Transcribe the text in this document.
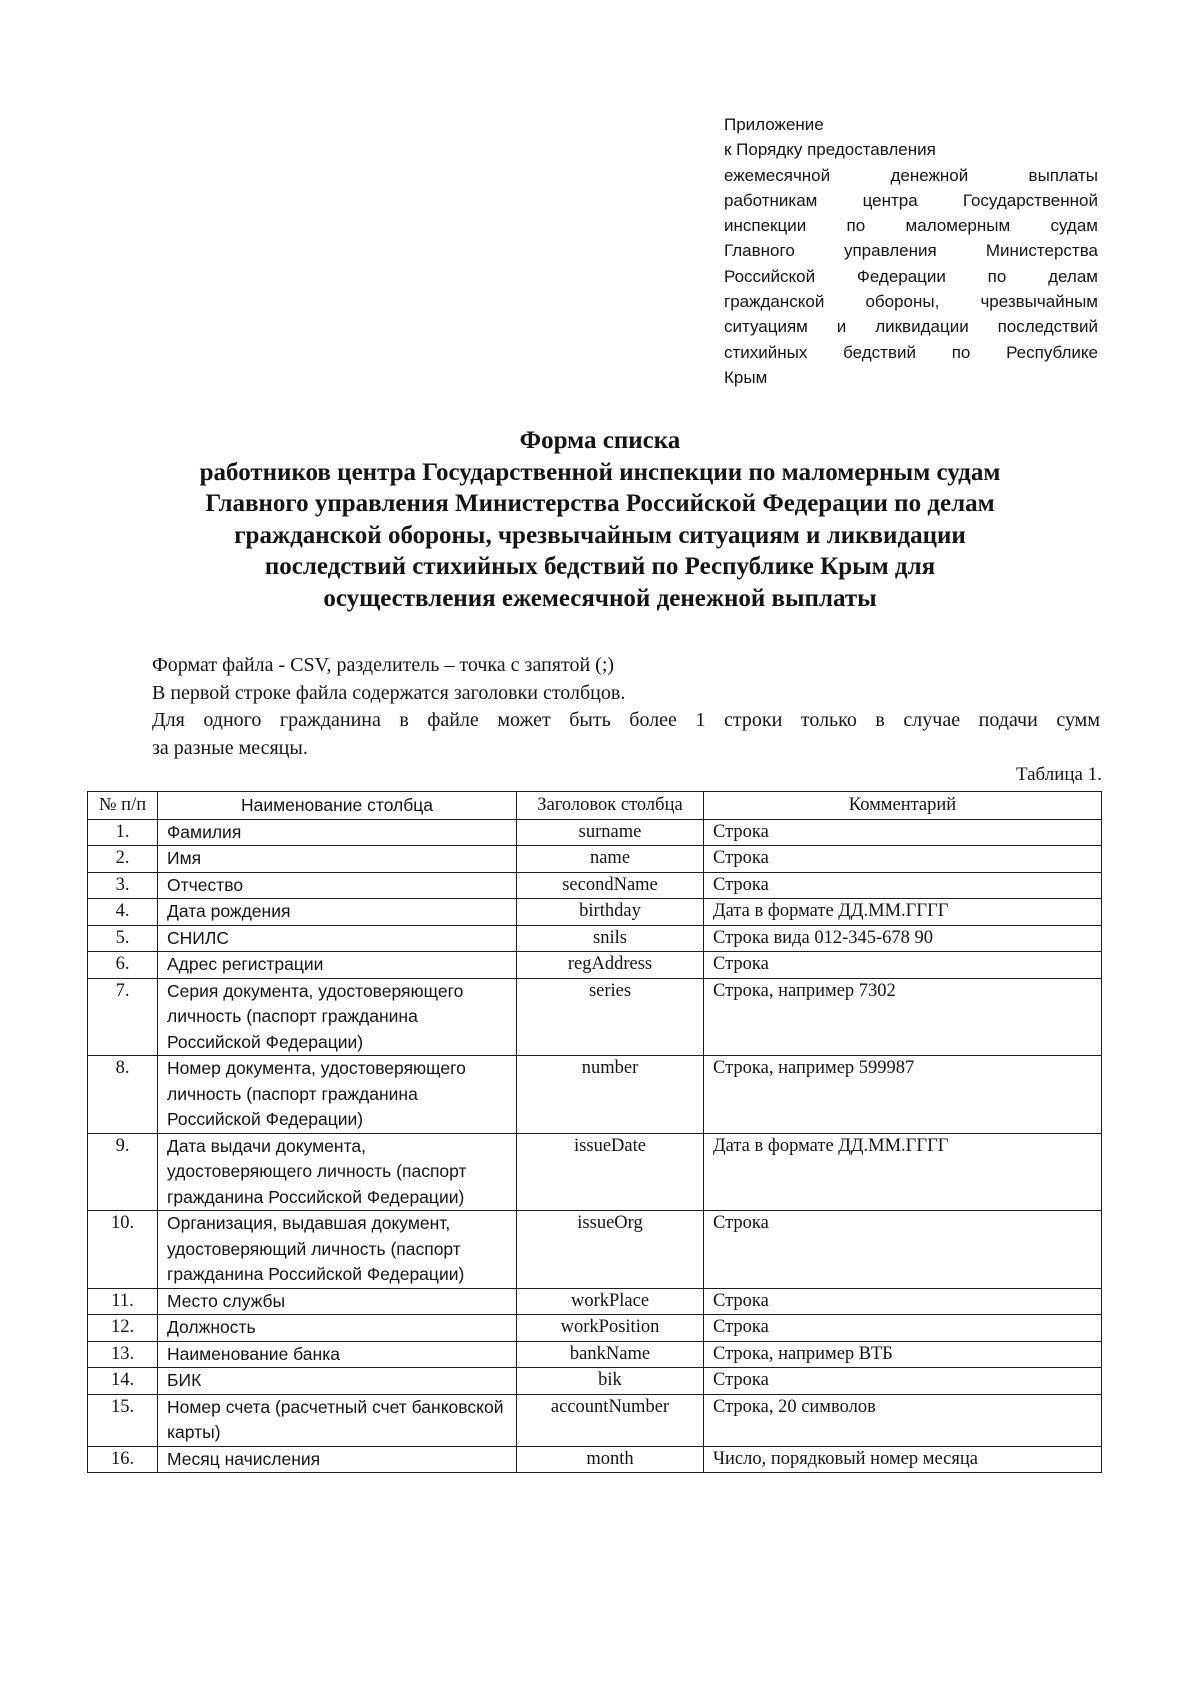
Приложение
к Порядку предоставления
ежемесячной денежной выплаты
работникам центра Государственной
инспекции по маломерным судам
Главного управления Министерства
Российской Федерации по делам
гражданской обороны, чрезвычайным
ситуациям и ликвидации последствий
стихийных бедствий по Республике
Крым
Форма списка
работников центра Государственной инспекции по маломерным судам
Главного управления Министерства Российской Федерации по делам
гражданской обороны, чрезвычайным ситуациям и ликвидации
последствий стихийных бедствий по Республике Крым для
осуществления ежемесячной денежной выплаты
Формат файла - CSV, разделитель – точка с запятой (;)
В первой строке файла содержатся заголовки столбцов.
Для одного гражданина в файле может быть более 1 строки только в случае подачи сумм
за разные месяцы.
Таблица 1.
№ п/п	Наименование столбца	Заголовок столбца	Комментарий
1.	Фамилия	surname	Строка
2.	Имя	name	Строка
3.	Отчество	secondName	Строка
4.	Дата рождения	birthday	Дата в формате ДД.ММ.ГГГГ
5.	СНИЛС	snils	Строка вида 012-345-678 90
6.	Адрес регистрации	regAddress	Строка
7.	Серия документа, удостоверяющего личность (паспорт гражданина Российской Федерации)	series	Строка, например 7302
8.	Номер документа, удостоверяющего личность (паспорт гражданина Российской Федерации)	number	Строка, например 599987
9.	Дата выдачи документа, удостоверяющего личность (паспорт гражданина Российской Федерации)	issueDate	Дата в формате ДД.ММ.ГГГГ
10.	Организация, выдавшая документ, удостоверяющий личность (паспорт гражданина Российской Федерации)	issueOrg	Строка
11.	Место службы	workPlace	Строка
12.	Должность	workPosition	Строка
13.	Наименование банка	bankName	Строка, например ВТБ
14.	БИК	bik	Строка
15.	Номер счета (расчетный счет банковской карты)	accountNumber	Строка, 20 символов
16.	Месяц начисления	month	Число, порядковый номер месяца
